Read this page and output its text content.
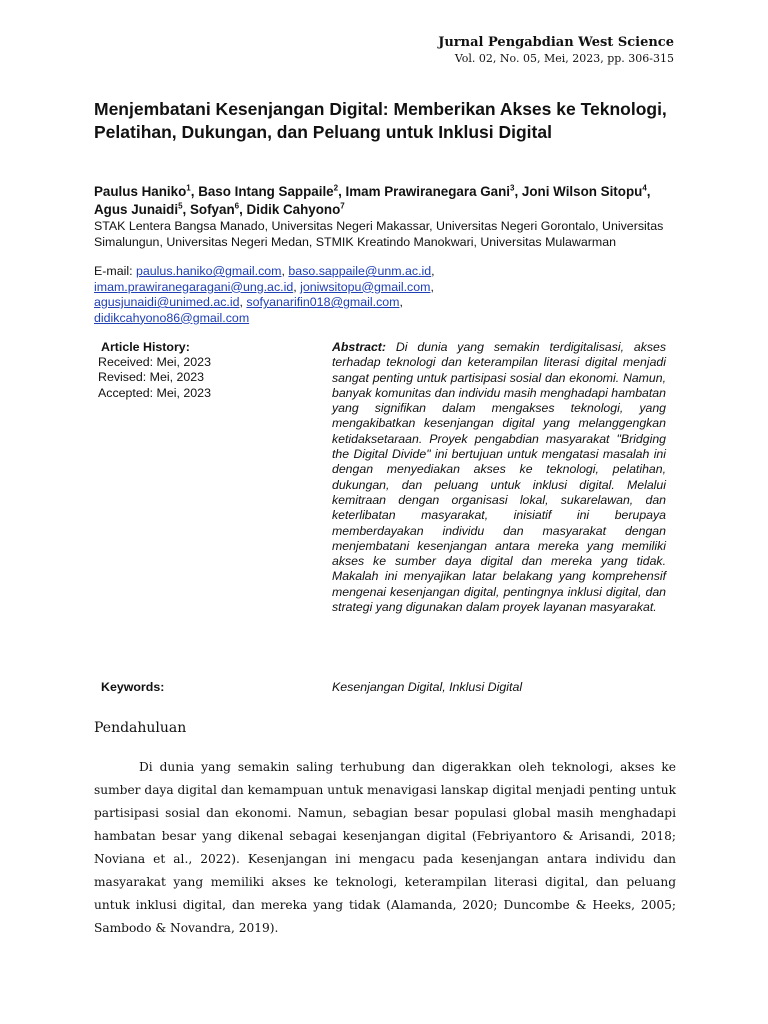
Jurnal Pengabdian West Science
Vol. 02, No. 05, Mei, 2023, pp. 306-315
Menjembatani Kesenjangan Digital: Memberikan Akses ke Teknologi, Pelatihan, Dukungan, dan Peluang untuk Inklusi Digital
Paulus Haniko$^1$, Baso Intang Sappaile$^2$, Imam Prawiranegara Gani$^3$, Joni Wilson Sitopu$^4$, Agus Junaidi$^5$, Sofyan$^6$, Didik Cahyono$^7$
STAK Lentera Bangsa Manado, Universitas Negeri Makassar, Universitas Negeri Gorontalo, Universitas Simalungun, Universitas Negeri Medan, STMIK Kreatindo Manokwari, Universitas Mulawarman
E-mail: paulus.haniko@gmail.com, baso.sappaile@unm.ac.id,
imam.prawiranegaragani@ung.ac.id, joniwsitopu@gmail.com,
agusjunaidi@unimed.ac.id, sofyanarifin018@gmail.com,
didikcahyono86@gmail.com
Article History:
Received: Mei, 2023
Revised: Mei, 2023
Accepted: Mei, 2023

Abstract: Di dunia yang semakin terdigitalisasi, akses terhadap teknologi dan keterampilan literasi digital menjadi sangat penting untuk partisipasi sosial dan ekonomi. Namun, banyak komunitas dan individu masih menghadapi hambatan yang signifikan dalam mengakses teknologi, yang mengakibatkan kesenjangan digital yang melanggengkan ketidaksetaraan. Proyek pengabdian masyarakat "Bridging the Digital Divide" ini bertujuan untuk mengatasi masalah ini dengan menyediakan akses ke teknologi, pelatihan, dukungan, dan peluang untuk inklusi digital. Melalui kemitraan dengan organisasi lokal, sukarelawan, dan keterlibatan masyarakat, inisiatif ini berupaya memberdayakan individu dan masyarakat dengan menjembatani kesenjangan antara mereka yang memiliki akses ke sumber daya digital dan mereka yang tidak. Makalah ini menyajikan latar belakang yang komprehensif mengenai kesenjangan digital, pentingnya inklusi digital, dan strategi yang digunakan dalam proyek layanan masyarakat.

Keywords:	Kesenjangan Digital, Inklusi Digital
Pendahuluan

Di dunia yang semakin saling terhubung dan digerakkan oleh teknologi, akses ke sumber daya digital dan kemampuan untuk menavigasi lanskap digital menjadi penting untuk partisipasi sosial dan ekonomi. Namun, sebagian besar populasi global masih menghadapi hambatan besar yang dikenal sebagai kesenjangan digital (Febriyantoro & Arisandi, 2018; Noviana et al., 2022). Kesenjangan ini mengacu pada kesenjangan antara individu dan masyarakat yang memiliki akses ke teknologi, keterampilan literasi digital, dan peluang untuk inklusi digital, dan mereka yang tidak (Alamanda, 2020; Duncombe & Heeks, 2005; Sambodo & Novandra, 2019).
